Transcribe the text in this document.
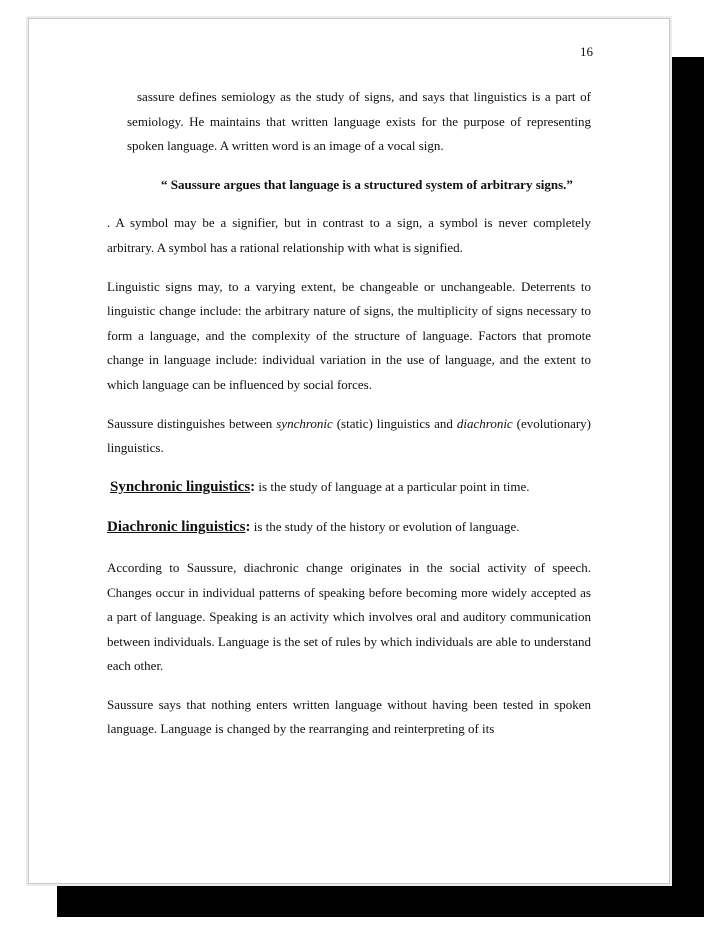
16

sassure defines semiology as the study of signs, and says that linguistics is a part of semiology. He maintains that written language exists for the purpose of representing spoken language. A written word is an image of a vocal sign.

“ Saussure argues that language is a structured system of arbitrary signs.”

. A symbol may be a signifier, but in contrast to a sign, a symbol is never completely arbitrary. A symbol has a rational relationship with what is signified.

Linguistic signs may, to a varying extent, be changeable or unchangeable. Deterrents to linguistic change include: the arbitrary nature of signs, the multiplicity of signs necessary to form a language, and the complexity of the structure of language. Factors that promote change in language include: individual variation in the use of language, and the extent to which language can be influenced by social forces.

Saussure distinguishes between synchronic (static) linguistics and diachronic (evolutionary) linguistics.

Synchronic linguistics: is the study of language at a particular point in time.

Diachronic linguistics: is the study of the history or evolution of language.

According to Saussure, diachronic change originates in the social activity of speech. Changes occur in individual patterns of speaking before becoming more widely accepted as a part of language. Speaking is an activity which involves oral and auditory communication between individuals. Language is the set of rules by which individuals are able to understand each other.

Saussure says that nothing enters written language without having been tested in spoken language. Language is changed by the rearranging and reinterpreting of its
